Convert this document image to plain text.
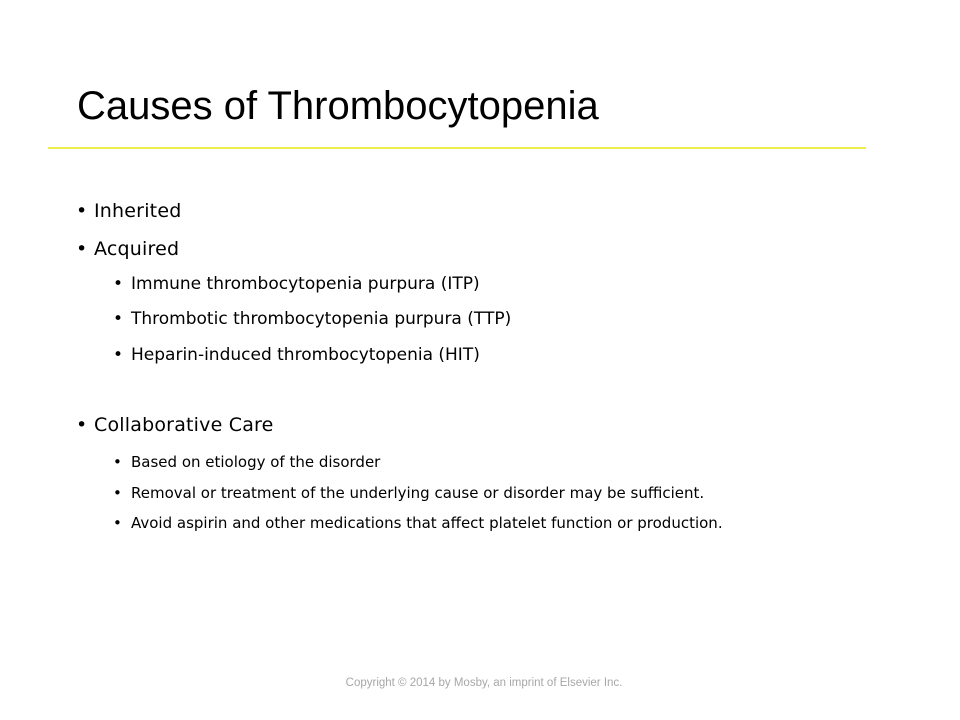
Causes of Thrombocytopenia
• Inherited
• Acquired
• Immune thrombocytopenia purpura (ITP)
• Thrombotic thrombocytopenia purpura (TTP)
• Heparin-induced thrombocytopenia (HIT)
• Collaborative Care
• Based on etiology of the disorder
• Removal or treatment of the underlying cause or disorder may be sufficient.
• Avoid aspirin and other medications that affect platelet function or production.
Copyright © 2014 by Mosby, an imprint of Elsevier Inc.
